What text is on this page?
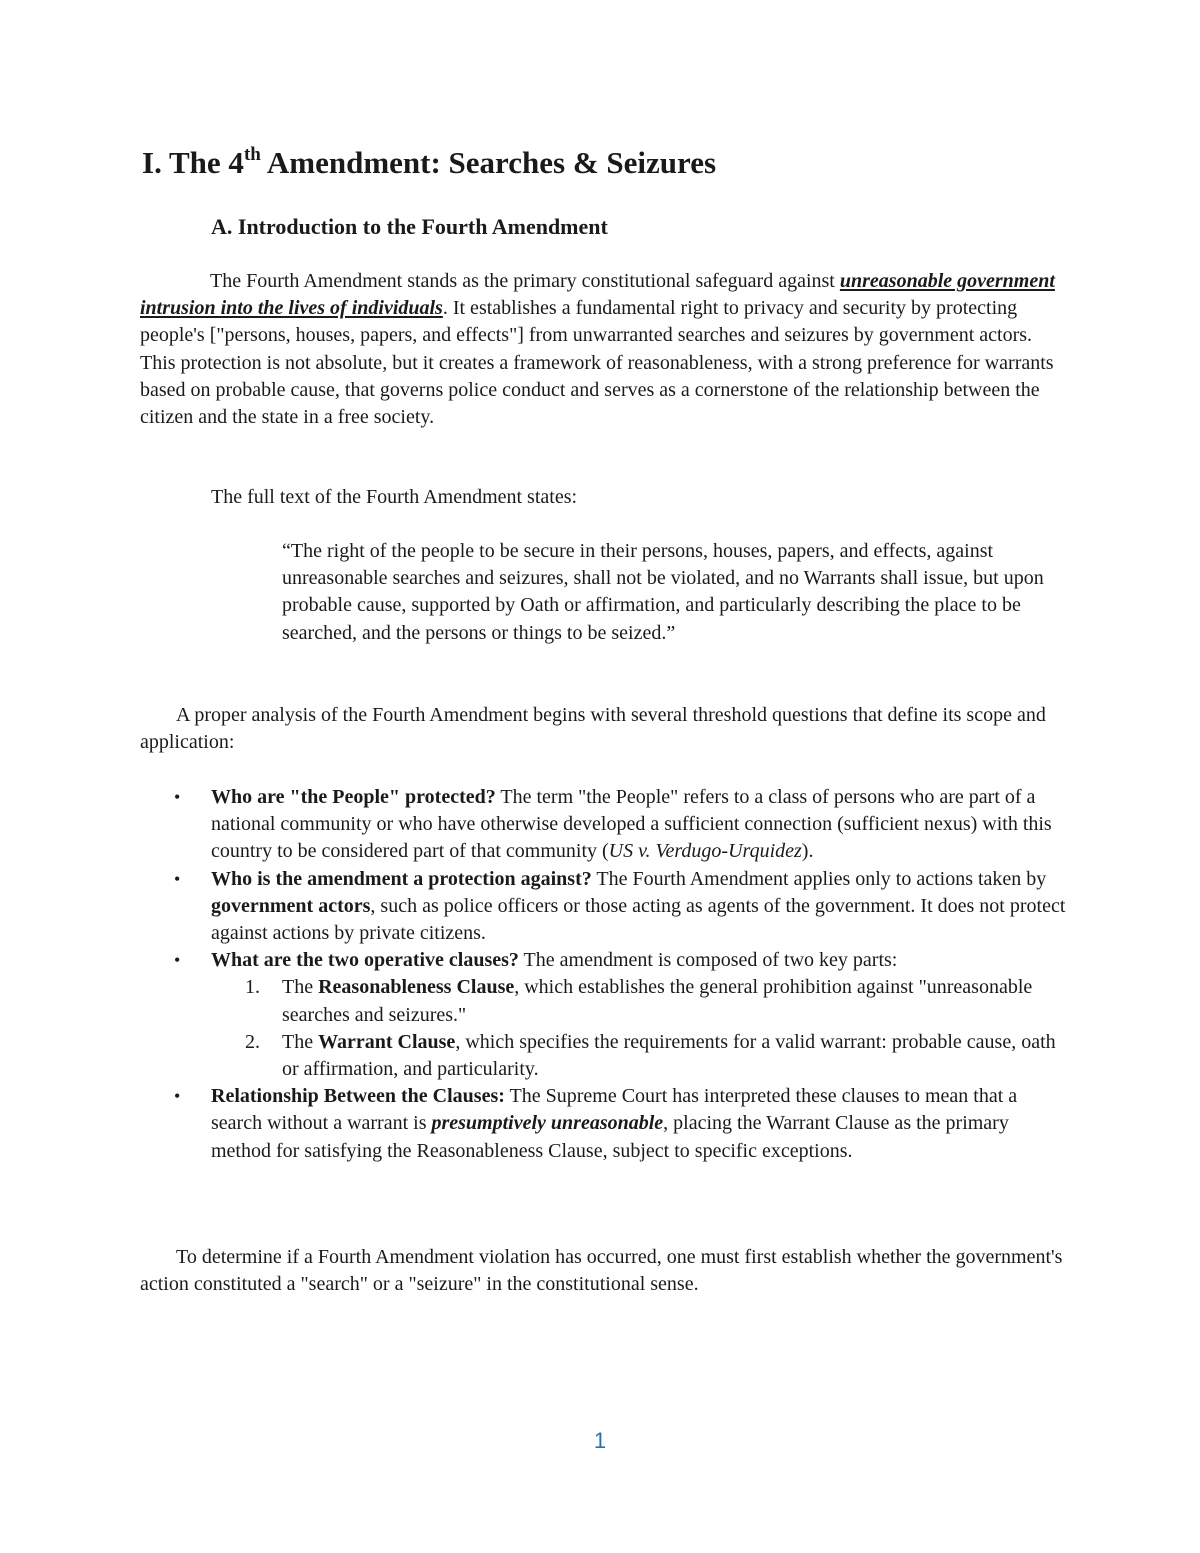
I. The 4th Amendment: Searches & Seizures
A. Introduction to the Fourth Amendment

The Fourth Amendment stands as the primary constitutional safeguard against unreasonable government intrusion into the lives of individuals. It establishes a fundamental right to privacy and security by protecting people's ["persons, houses, papers, and effects"] from unwarranted searches and seizures by government actors. This protection is not absolute, but it creates a framework of reasonableness, with a strong preference for warrants based on probable cause, that governs police conduct and serves as a cornerstone of the relationship between the citizen and the state in a free society.

The full text of the Fourth Amendment states:

“The right of the people to be secure in their persons, houses, papers, and effects, against unreasonable searches and seizures, shall not be violated, and no Warrants shall issue, but upon probable cause, supported by Oath or affirmation, and particularly describing the place to be searched, and the persons or things to be seized.”

A proper analysis of the Fourth Amendment begins with several threshold questions that define its scope and application:

• Who are "the People" protected? The term "the People" refers to a class of persons who are part of a national community or who have otherwise developed a sufficient connection (sufficient nexus) with this country to be considered part of that community (US v. Verdugo-Urquidez).
• Who is the amendment a protection against? The Fourth Amendment applies only to actions taken by government actors, such as police officers or those acting as agents of the government. It does not protect against actions by private citizens.
• What are the two operative clauses? The amendment is composed of two key parts:
1. The Reasonableness Clause, which establishes the general prohibition against "unreasonable searches and seizures."
2. The Warrant Clause, which specifies the requirements for a valid warrant: probable cause, oath or affirmation, and particularity.
• Relationship Between the Clauses: The Supreme Court has interpreted these clauses to mean that a search without a warrant is presumptively unreasonable, placing the Warrant Clause as the primary method for satisfying the Reasonableness Clause, subject to specific exceptions.

To determine if a Fourth Amendment violation has occurred, one must first establish whether the government's action constituted a "search" or a "seizure" in the constitutional sense.

1
